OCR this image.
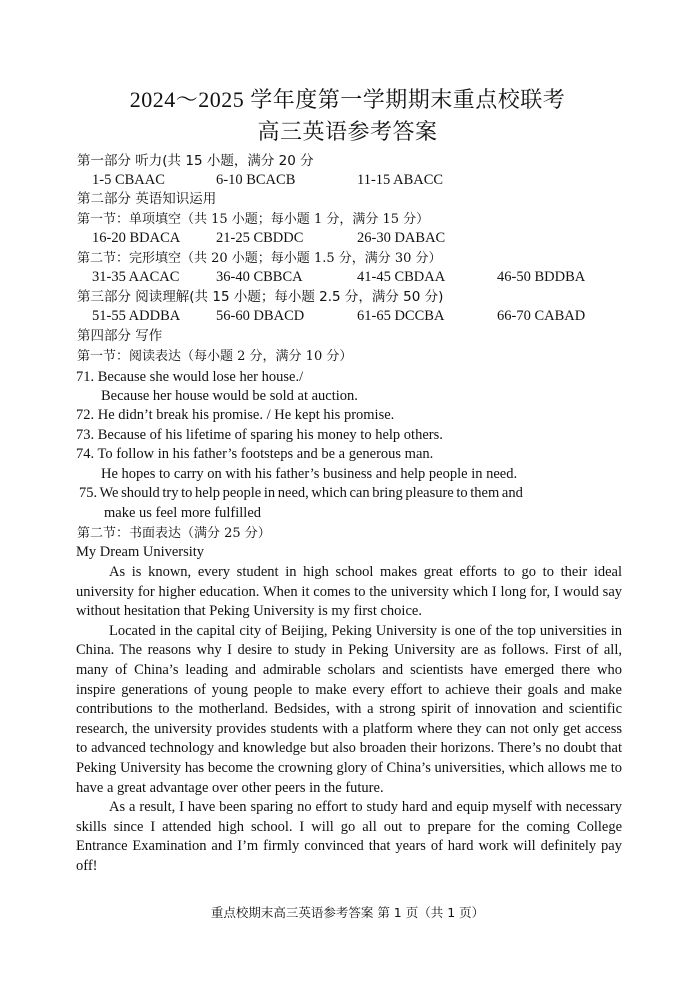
2024～2025 学年度第一学期期末重点校联考
高三英语参考答案
第一部分 听力(共 15 小题，满分 20 分
1-5 CBAAC	6-10 BCACB	11-15 ABACC
第二部分 英语知识运用
第一节：单项填空（共 15 小题；每小题 1 分，满分 15 分）
16-20 BDACA 21-25 CBDDC	26-30 DABAC
第二节：完形填空（共 20 小题；每小题 1.5 分，满分 30 分）
31-35 AACAC	36-40 CBBCA	41-45 CBDAA	46-50 BDDBA
第三部分 阅读理解(共 15 小题；每小题 2.5 分，满分 50 分)
51-55 ADDBA 56-60 DBACD	61-65 DCCBA	66-70 CABAD
第四部分 写作
第一节：阅读表达（每小题 2 分，满分 10 分）
71. Because she would lose her house./
Because her house would be sold at auction.
72. He didn’t break his promise. / He kept his promise.
73. Because of his lifetime of sparing his money to help others.
74. To follow in his father’s footsteps and be a generous man.
He hopes to carry on with his father’s business and help people in need.
75. We should try to help people in need, which can bring pleasure to them and
make us feel more fulfilled
第二节：书面表达（满分 25 分）
My Dream University

As is known, every student in high school makes great efforts to go to their ideal university for higher education. When it comes to the university which I long for, I would say without hesitation that Peking University is my first choice.

Located in the capital city of Beijing, Peking University is one of the top universities in China. The reasons why I desire to study in Peking University are as follows. First of all, many of China’s leading and admirable scholars and scientists have emerged there who inspire generations of young people to make every effort to achieve their goals and make contributions to the motherland. Bedsides, with a strong spirit of innovation and scientific research, the university provides students with a platform where they can not only get access to advanced technology and knowledge but also broaden their horizons. There’s no doubt that Peking University has become the crowning glory of China’s universities, which allows me to have a great advantage over other peers in the future.

As a result, I have been sparing no effort to study hard and equip myself with necessary skills since I attended high school. I will go all out to prepare for the coming College Entrance Examination and I’m firmly convinced that years of hard work will definitely pay off!

重点校期末高三英语参考答案 第 1 页（共 1 页）
